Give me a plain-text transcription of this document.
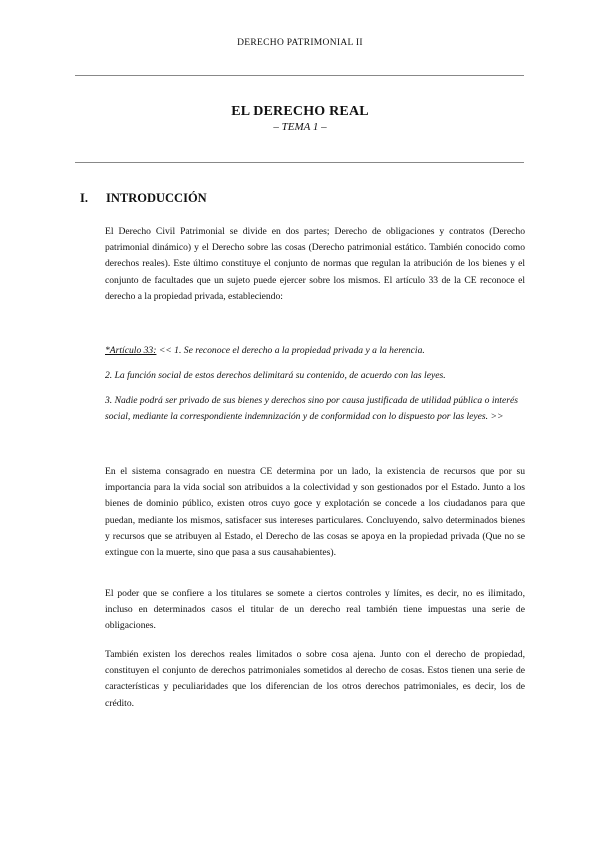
DERECHO PATRIMONIAL II
EL DERECHO REAL
– TEMA 1 –
I. INTRODUCCIÓN
El Derecho Civil Patrimonial se divide en dos partes; Derecho de obligaciones y contratos (Derecho patrimonial dinámico) y el Derecho sobre las cosas (Derecho patrimonial estático. También conocido como derechos reales). Este último constituye el conjunto de normas que regulan la atribución de los bienes y el conjunto de facultades que un sujeto puede ejercer sobre los mismos. El artículo 33 de la CE reconoce el derecho a la propiedad privada, estableciendo:
*Artículo 33: << 1. Se reconoce el derecho a la propiedad privada y a la herencia.
2. La función social de estos derechos delimitará su contenido, de acuerdo con las leyes.
3. Nadie podrá ser privado de sus bienes y derechos sino por causa justificada de utilidad pública o interés social, mediante la correspondiente indemnización y de conformidad con lo dispuesto por las leyes. >>
En el sistema consagrado en nuestra CE determina por un lado, la existencia de recursos que por su importancia para la vida social son atribuidos a la colectividad y son gestionados por el Estado. Junto a los bienes de dominio público, existen otros cuyo goce y explotación se concede a los ciudadanos para que puedan, mediante los mismos, satisfacer sus intereses particulares. Concluyendo, salvo determinados bienes y recursos que se atribuyen al Estado, el Derecho de las cosas se apoya en la propiedad privada (Que no se extingue con la muerte, sino que pasa a sus causahabientes).
El poder que se confiere a los titulares se somete a ciertos controles y límites, es decir, no es ilimitado, incluso en determinados casos el titular de un derecho real también tiene impuestas una serie de obligaciones.
También existen los derechos reales limitados o sobre cosa ajena. Junto con el derecho de propiedad, constituyen el conjunto de derechos patrimoniales sometidos al derecho de cosas. Estos tienen una serie de características y peculiaridades que los diferencian de los otros derechos patrimoniales, es decir, los de crédito.
